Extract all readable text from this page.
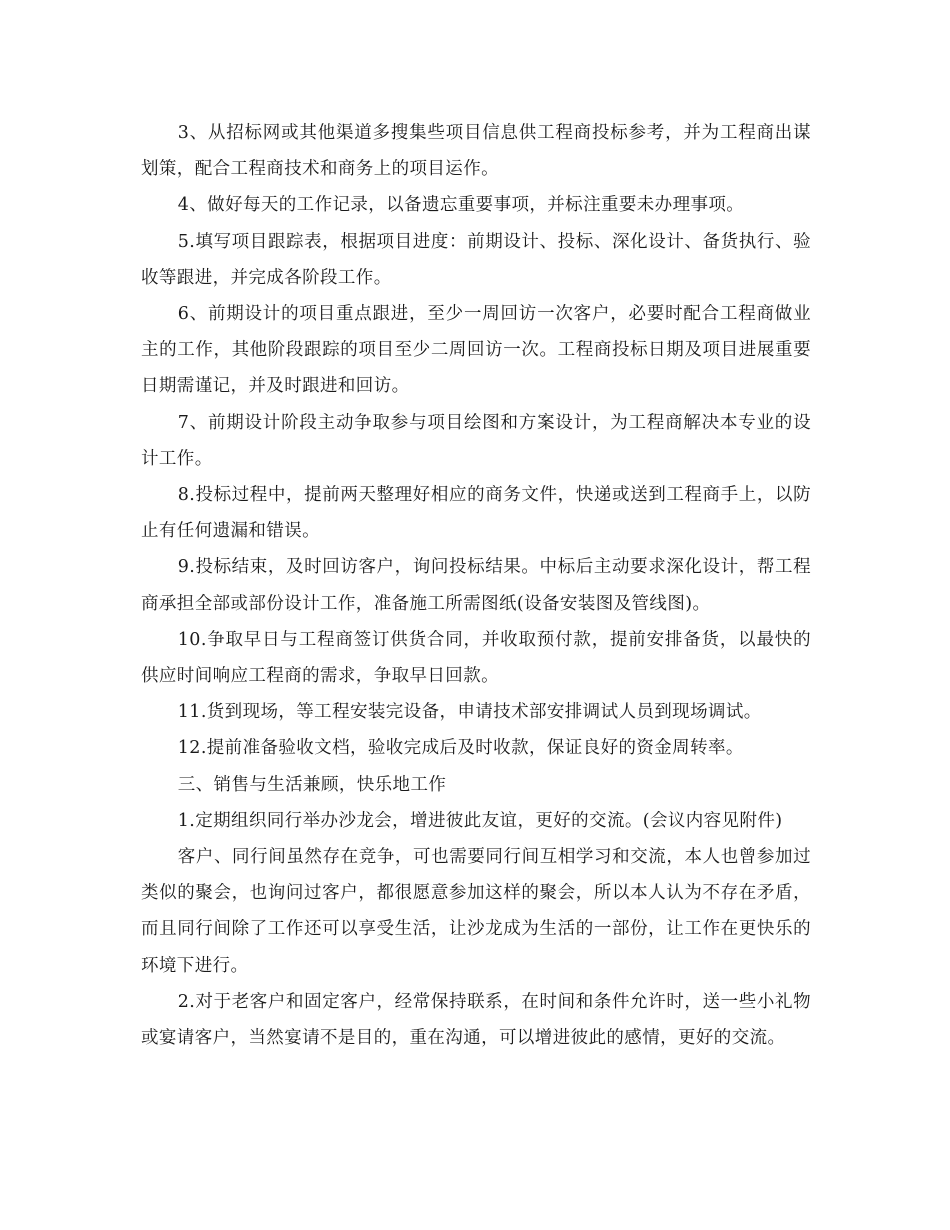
3、从招标网或其他渠道多搜集些项目信息供工程商投标参考，并为工程商出谋划策，配合工程商技术和商务上的项目运作。

4、做好每天的工作记录，以备遗忘重要事项，并标注重要未办理事项。

5.填写项目跟踪表，根据项目进度：前期设计、投标、深化设计、备货执行、验收等跟进，并完成各阶段工作。

6、前期设计的项目重点跟进，至少一周回访一次客户，必要时配合工程商做业主的工作，其他阶段跟踪的项目至少二周回访一次。工程商投标日期及项目进展重要日期需谨记，并及时跟进和回访。

7、前期设计阶段主动争取参与项目绘图和方案设计，为工程商解决本专业的设计工作。

8.投标过程中，提前两天整理好相应的商务文件，快递或送到工程商手上，以防止有任何遗漏和错误。

9.投标结束，及时回访客户，询问投标结果。中标后主动要求深化设计，帮工程商承担全部或部份设计工作，准备施工所需图纸(设备安装图及管线图)。

10.争取早日与工程商签订供货合同，并收取预付款，提前安排备货，以最快的供应时间响应工程商的需求，争取早日回款。

11.货到现场，等工程安装完设备，申请技术部安排调试人员到现场调试。

12.提前准备验收文档，验收完成后及时收款，保证良好的资金周转率。

三、销售与生活兼顾，快乐地工作

1.定期组织同行举办沙龙会，增进彼此友谊，更好的交流。(会议内容见附件)

客户、同行间虽然存在竞争，可也需要同行间互相学习和交流，本人也曾参加过类似的聚会，也询问过客户，都很愿意参加这样的聚会，所以本人认为不存在矛盾，而且同行间除了工作还可以享受生活，让沙龙成为生活的一部份，让工作在更快乐的环境下进行。

2.对于老客户和固定客户，经常保持联系，在时间和条件允许时，送一些小礼物或宴请客户，当然宴请不是目的，重在沟通，可以增进彼此的感情，更好的交流。
